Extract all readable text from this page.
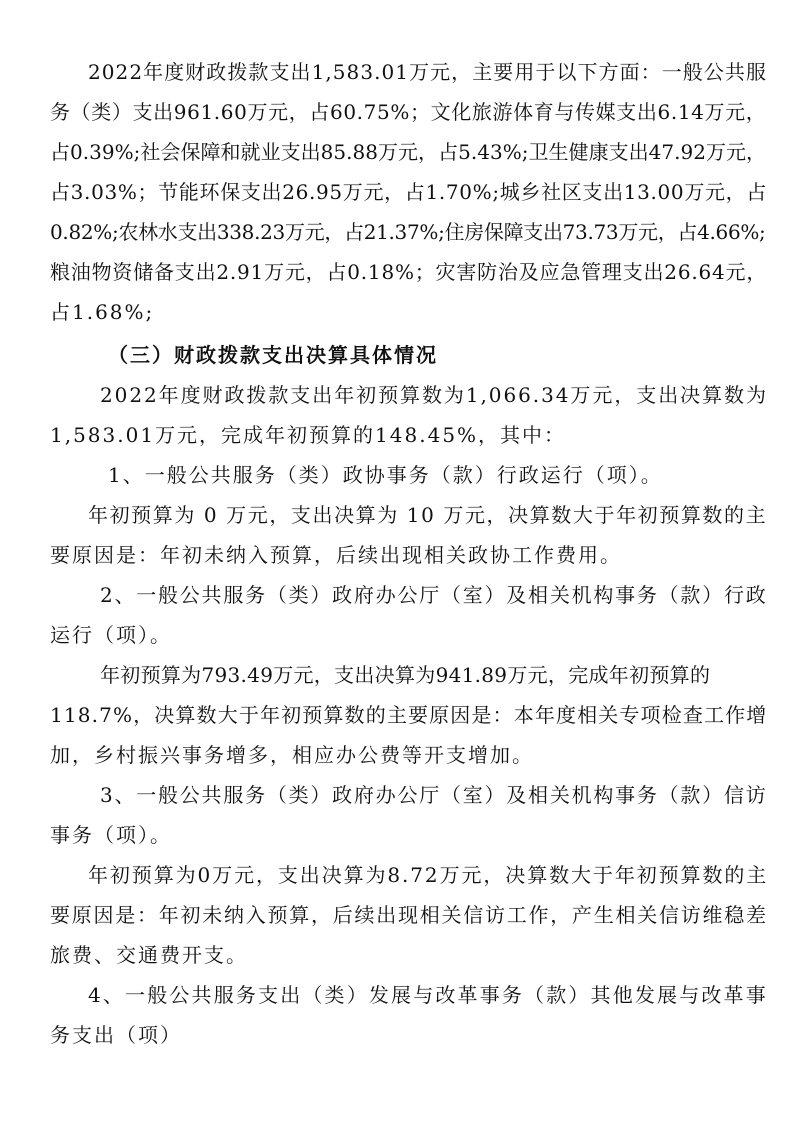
2022年度财政拨款支出1,583.01万元，主要用于以下方面：一般公共服

务（类）支出961.60万元，占60.75%；文化旅游体育与传媒支出6.14万元，

占0.39%;社会保障和就业支出85.88万元，占5.43%;卫生健康支出47.92万元，

占3.03%；节能环保支出26.95万元，占1.70%;城乡社区支出13.00万元，占

0.82%;农林水支出338.23万元，占21.37%;住房保障支出73.73万元，占4.66%;

粮油物资储备支出2.91万元，占0.18%；灾害防治及应急管理支出26.64元，

占1.68%;

（三）财政拨款支出决算具体情况

2022年度财政拨款支出年初预算数为1,066.34万元，支出决算数为

1,583.01万元，完成年初预算的148.45%，其中：

1、一般公共服务（类）政协事务（款）行政运行（项）。

年初预算为 0 万元，支出决算为 10 万元，决算数大于年初预算数的主

要原因是：年初未纳入预算，后续出现相关政协工作费用。

2、一般公共服务（类）政府办公厅（室）及相关机构事务（款）行政

运行（项）。

年初预算为793.49万元，支出决算为941.89万元，完成年初预算的

118.7%，决算数大于年初预算数的主要原因是：本年度相关专项检查工作增

加，乡村振兴事务增多，相应办公费等开支增加。

3、一般公共服务（类）政府办公厅（室）及相关机构事务（款）信访

事务（项）。

年初预算为0万元，支出决算为8.72万元，决算数大于年初预算数的主

要原因是：年初未纳入预算，后续出现相关信访工作，产生相关信访维稳差

旅费、交通费开支。

4、一般公共服务支出（类）发展与改革事务（款）其他发展与改革事

务支出（项）
